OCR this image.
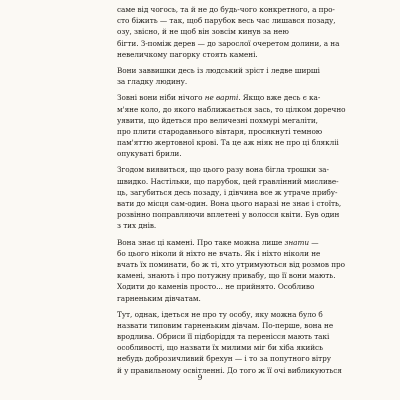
саме від чогось, та й не до будь-чого конкретного, а про-
сто біжить — так, щоб парубок весь час лишався позаду,
озу, звісно, й не щоб він зовсім кинув за нею
бігти. З-поміж дерев — до зарослої очеретом долини, а на
невеличкому пагорку стоять камені.
Вони заввишки десь із людський зріст і ледве ширші
за гладку людину.
Зовні вони ніби нічого не варті. Якщо вже десь є ка-
м'яне коло, до якого наближається зась, то цілком доречно
уявити, що йдеться про величезні похмурі мегаліти,
про плити стародавнього вівтаря, просякнуті темною
пам'яттю жертовної крові. Та це аж ніяк не про ці блякліі
опукуваті брили.
Згодом виявиться, що цього разу вона бігла трошки за-
швидко. Настільки, що парубок, цей гравлінний мисливе-
ць, загубиться десь позаду, і дівчина все ж утраче прибу-
вати до місця сам-один. Вона цього наразі не знає і стоїть,
розвінно поправляючи вплетені у волосся квіти. Був один
з тих днів.
Вона знає ці камені. Про таке можна лише знати —
бо цього ніколи й ніхто не вчать. Як і ніхто ніколи не
вчать їх поминати, бо ж ті, хто утримуються від розмов про
камені, знають і про потужну привабу, що її вони мають.
Ходити до каменів просто... не прийнято. Особливо
гарненьким дівчатам.
Тут, однак, ідеться не про ту особу, яку можна було б
назвати типовим гарненьким дівчам. По-перше, вона не
вродлива. Обриси її підборіддя та перенісся мають такі
особливості, що назвати їх милими міг би хіба якийсь
небудь доброзичливий брехун — і то за попутного вітру
й у правильному освітленні. До того ж її очі вибликуються
9
